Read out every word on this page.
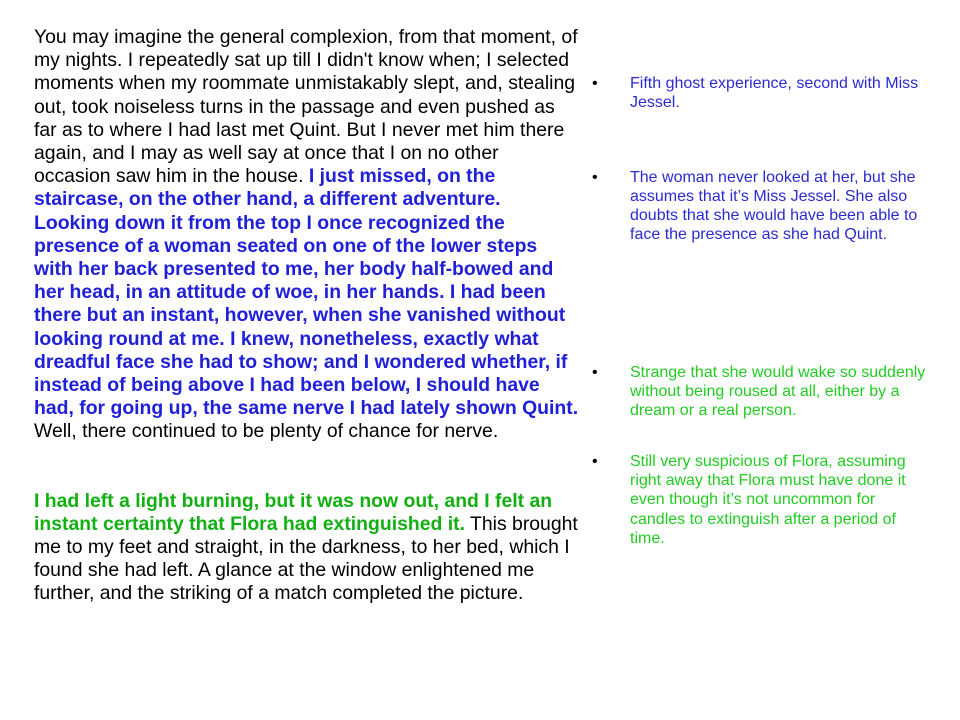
You may imagine the general complexion, from that moment, of my nights. I repeatedly sat up till I didn't know when; I selected moments when my roommate unmistakably slept, and, stealing out, took noiseless turns in the passage and even pushed as far as to where I had last met Quint. But I never met him there again, and I may as well say at once that I on no other occasion saw him in the house. I just missed, on the staircase, on the other hand, a different adventure. Looking down it from the top I once recognized the presence of a woman seated on one of the lower steps with her back presented to me, her body half-bowed and her head, in an attitude of woe, in her hands. I had been there but an instant, however, when she vanished without looking round at me. I knew, nonetheless, exactly what dreadful face she had to show; and I wondered whether, if instead of being above I had been below, I should have had, for going up, the same nerve I had lately shown Quint. Well, there continued to be plenty of chance for nerve.

I had left a light burning, but it was now out, and I felt an instant certainty that Flora had extinguished it. This brought me to my feet and straight, in the darkness, to her bed, which I found she had left. A glance at the window enlightened me further, and the striking of a match completed the picture.

• Fifth ghost experience, second with Miss Jessel.

• The woman never looked at her, but she assumes that it’s Miss Jessel. She also doubts that she would have been able to face the presence as she had Quint.

• Strange that she would wake so suddenly without being roused at all, either by a dream or a real person.

• Still very suspicious of Flora, assuming right away that Flora must have done it even though it’s not uncommon for candles to extinguish after a period of time.
